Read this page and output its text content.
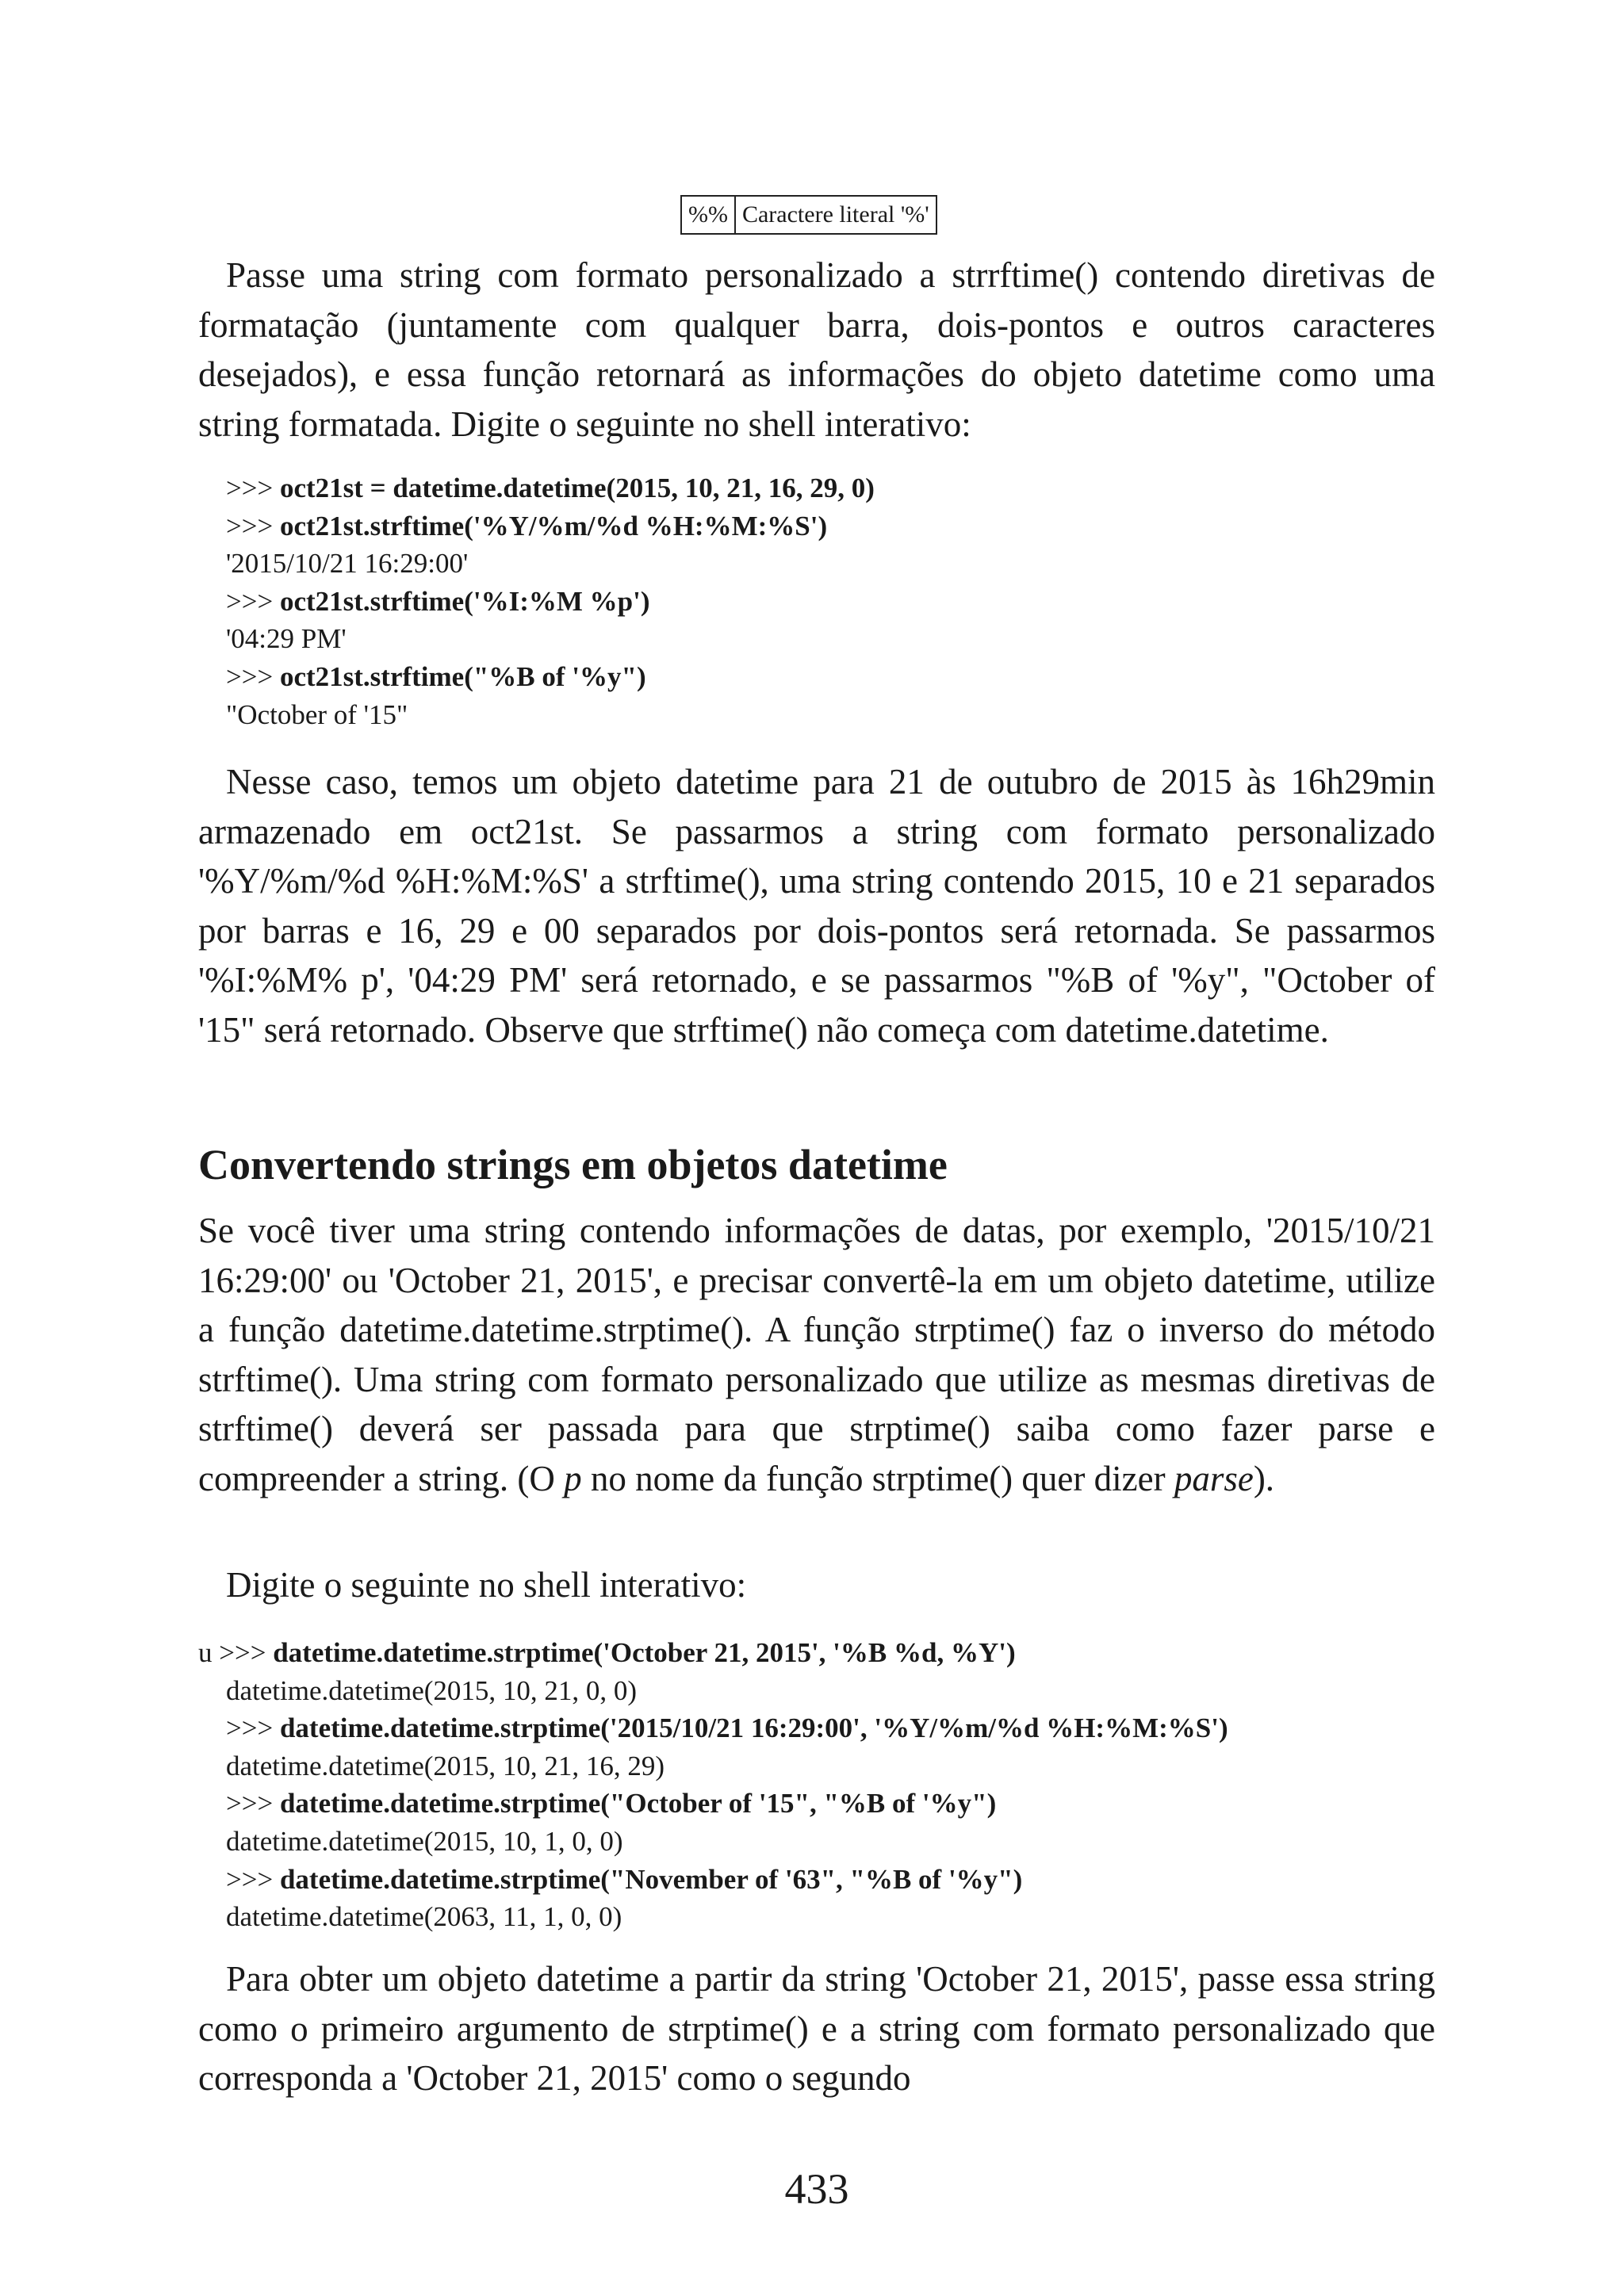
%%	Caractere literal '%'

Passe uma string com formato personalizado a strrftime() contendo diretivas de formatação (juntamente com qualquer barra, dois-pontos e outros caracteres desejados), e essa função retornará as informações do objeto datetime como uma string formatada. Digite o seguinte no shell interativo:

>>> oct21st = datetime.datetime(2015, 10, 21, 16, 29, 0)
>>> oct21st.strftime('%Y/%m/%d %H:%M:%S')
'2015/10/21 16:29:00'
>>> oct21st.strftime('%I:%M %p')
'04:29 PM'
>>> oct21st.strftime("%B of '%y")
"October of '15"

Nesse caso, temos um objeto datetime para 21 de outubro de 2015 às 16h29min armazenado em oct21st. Se passarmos a string com formato personalizado '%Y/%m/%d %H:%M:%S' a strftime(), uma string contendo 2015, 10 e 21 separados por barras e 16, 29 e 00 separados por dois-pontos será retornada. Se passarmos '%I:%M% p', '04:29 PM' será retornado, e se passarmos "%B of '%y", "October of '15" será retornado. Observe que strftime() não começa com datetime.datetime.

Convertendo strings em objetos datetime

Se você tiver uma string contendo informações de datas, por exemplo, '2015/10/21 16:29:00' ou 'October 21, 2015', e precisar convertê-la em um objeto datetime, utilize a função datetime.datetime.strptime(). A função strptime() faz o inverso do método strftime(). Uma string com formato personalizado que utilize as mesmas diretivas de strftime() deverá ser passada para que strptime() saiba como fazer parse e compreender a string. (O p no nome da função strptime() quer dizer parse).

Digite o seguinte no shell interativo:

u >>> datetime.datetime.strptime('October 21, 2015', '%B %d, %Y')
datetime.datetime(2015, 10, 21, 0, 0)
>>> datetime.datetime.strptime('2015/10/21 16:29:00', '%Y/%m/%d %H:%M:%S')
datetime.datetime(2015, 10, 21, 16, 29)
>>> datetime.datetime.strptime("October of '15", "%B of '%y")
datetime.datetime(2015, 10, 1, 0, 0)
>>> datetime.datetime.strptime("November of '63", "%B of '%y")
datetime.datetime(2063, 11, 1, 0, 0)

Para obter um objeto datetime a partir da string 'October 21, 2015', passe essa string como o primeiro argumento de strptime() e a string com formato personalizado que corresponda a 'October 21, 2015' como o segundo

433
